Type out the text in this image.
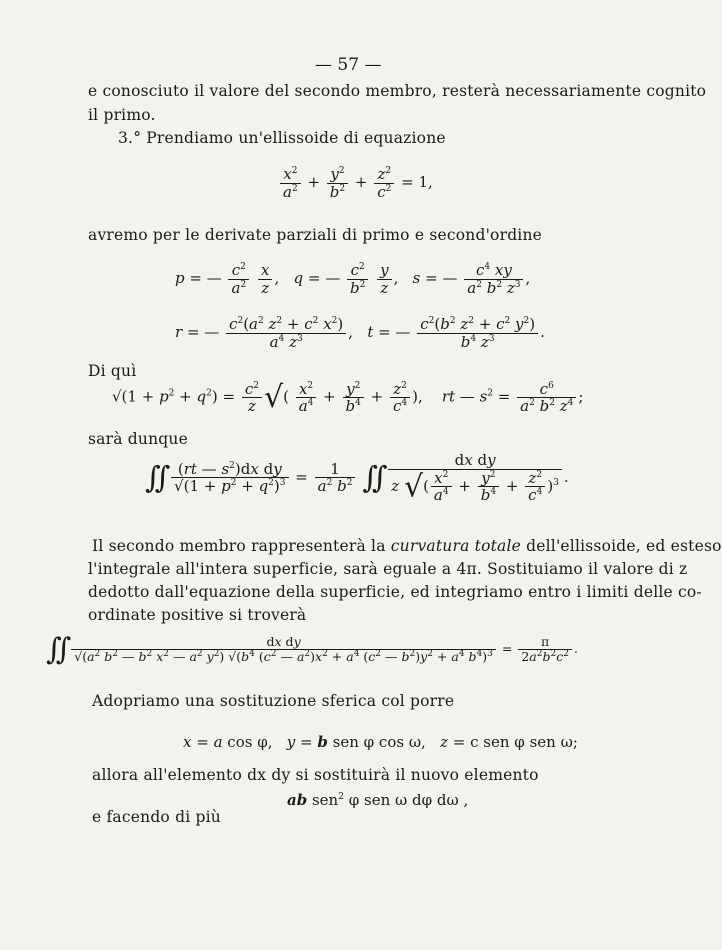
— 57 —
e conosciuto il valore del secondo membro, resterà necessariamente cognito
il primo.
3.° Prendiamo un'ellissoide di equazione
$\frac{x^2}{a^2} + \frac{y^2}{b^2} + \frac{z^2}{c^2} = 1$,
avremo per le derivate parziali di primo e second'ordine
p = — $\frac{c^2}{a^2}$
$\frac{x}{z}$ ,   q = — $\frac{c^2}{b^2}$
$\frac{y}{z}$ ,   s = — $\frac{c^4 xy}{a^2 b^2 z^3}$ ,
r = — $\frac{c^2(a^2 z^2 + c^2 x^2)}{a^4 z^3}$ ,   t = — $\frac{c^2(b^2 z^2 + c^2 y^2)}{b^4 z^3}$ .
Di quì
$√(1 + p^2 + q^2) = \frac{c^2}{z}$ √( $\frac{x^2}{a^4} + \frac{y^2}{b^4} + \frac{z^2}{c^4}$ ),    rt — $s^2 = \frac{c^6}{a^2 b^2 z^4}$ ;
sarà dunque
∫∫ $\frac{(rt — s^2)dx dy}{√(1 + p^2 + q^2)^3} = \frac{1}{a^2 b^2}$ ∫∫ $\frac{\text{dx dy}}{z √( \frac{x^2}{a^4} + \frac{y^2}{b^4} + \frac{z^2}{c^4} )^3}$ .
Il secondo membro rappresenterà la curvatura totale dell'ellissoide, ed esteso
l'integrale all'intera superficie, sarà eguale a 4π. Sostituiamo il valore di z
dedotto dall'equazione della superficie, ed integriamo entro i limiti delle co-
ordinate positive si troverà
∫∫	dx dy
$√(a^2$ $b^2$ — $b^2$ $x^2$ — $a^2$ $y^2$) $√(b^4$ ($c^2$ — $a^2)x^2 + a^4$ ($c^2$ — $b^2)y^2 + a^4$ $b^4)^3 = \frac{\pi}{2a^2b^2c^2}$ .
Adopriamo una sostituzione sferica col porre
x = a cos φ,   y = b sen φ cos ω,   z = c sen φ sen ω;
allora all'elemento dx dy si sostituirà il nuovo elemento
ab sen$^2$ φ sen ω dφ dω ,
e facendo di più
